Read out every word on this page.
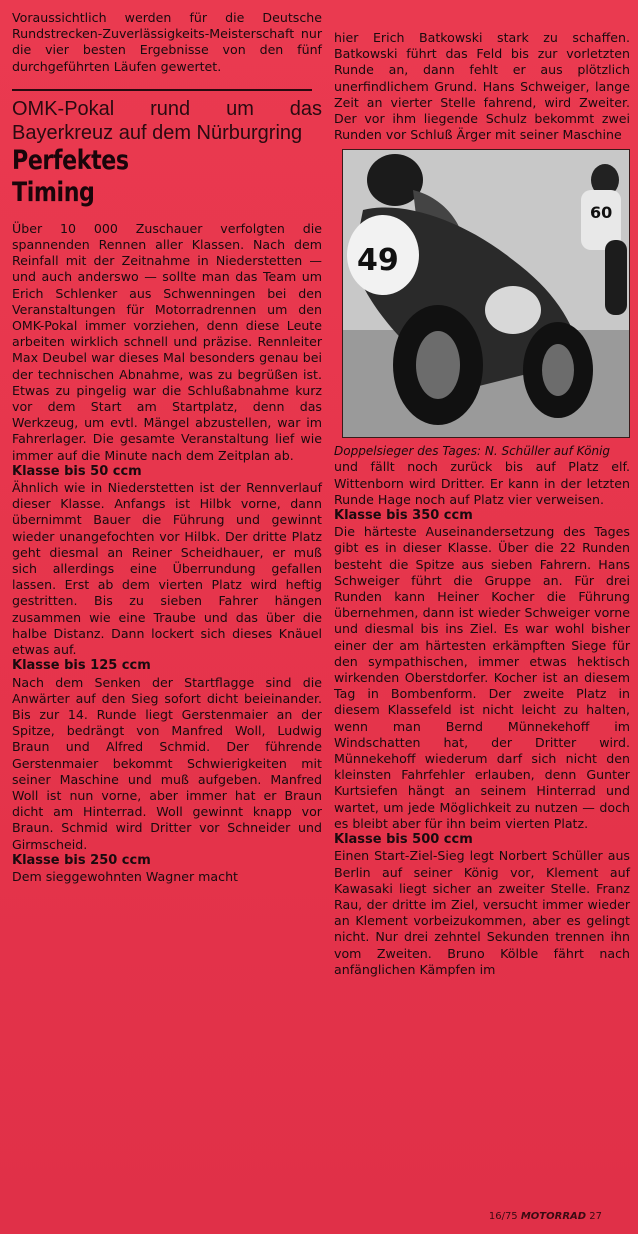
Voraussichtlich werden für die Deutsche Rundstrecken-Zuverlässigkeits-Meisterschaft nur die vier besten Ergebnisse von den fünf durchgeführten Läufen gewertet.

OMK-Pokal rund um das Bayerkreuz auf dem Nürburgring

Perfektes
Timing

Über 10 000 Zuschauer verfolgten die spannenden Rennen aller Klassen. Nach dem Reinfall mit der Zeitnahme in Niederstetten — und auch anderswo — sollte man das Team um Erich Schlenker aus Schwenningen bei den Veranstaltungen für Motorradrennen um den OMK-Pokal immer vorziehen, denn diese Leute arbeiten wirklich schnell und präzise. Rennleiter Max Deubel war dieses Mal besonders genau bei der technischen Abnahme, was zu begrüßen ist. Etwas zu pingelig war die Schlußabnahme kurz vor dem Start am Startplatz, denn das Werkzeug, um evtl. Mängel abzustellen, war im Fahrerlager. Die gesamte Veranstaltung lief wie immer auf die Minute nach dem Zeitplan ab.

Klasse bis 50 ccm

Ähnlich wie in Niederstetten ist der Rennverlauf dieser Klasse. Anfangs ist Hilbk vorne, dann übernimmt Bauer die Führung und gewinnt wieder unangefochten vor Hilbk. Der dritte Platz geht diesmal an Reiner Scheidhauer, er muß sich allerdings eine Überrundung gefallen lassen. Erst ab dem vierten Platz wird heftig gestritten. Bis zu sieben Fahrer hängen zusammen wie eine Traube und das über die halbe Distanz. Dann lockert sich dieses Knäuel etwas auf.

Klasse bis 125 ccm

Nach dem Senken der Startflagge sind die Anwärter auf den Sieg sofort dicht beieinander. Bis zur 14. Runde liegt Gerstenmaier an der Spitze, bedrängt von Manfred Woll, Ludwig Braun und Alfred Schmid. Der führende Gerstenmaier bekommt Schwierigkeiten mit seiner Maschine und muß aufgeben. Manfred Woll ist nun vorne, aber immer hat er Braun dicht am Hinterrad. Woll gewinnt knapp vor Braun. Schmid wird Dritter vor Schneider und Girmscheid.

Klasse bis 250 ccm

Dem sieggewohnten Wagner macht

hier Erich Batkowski stark zu schaffen. Batkowski führt das Feld bis zur vorletzten Runde an, dann fehlt er aus plötzlich unerfindlichem Grund. Hans Schweiger, lange Zeit an vierter Stelle fahrend, wird Zweiter. Der vor ihm liegende Schulz bekommt zwei Runden vor Schluß Ärger mit seiner Maschine

60
49

Doppelsieger des Tages: N. Schüller auf König

und fällt noch zurück bis auf Platz elf. Wittenborn wird Dritter. Er kann in der letzten Runde Hage noch auf Platz vier verweisen.

Klasse bis 350 ccm

Die härteste Auseinandersetzung des Tages gibt es in dieser Klasse. Über die 22 Runden besteht die Spitze aus sieben Fahrern. Hans Schweiger führt die Gruppe an. Für drei Runden kann Heiner Kocher die Führung übernehmen, dann ist wieder Schweiger vorne und diesmal bis ins Ziel. Es war wohl bisher einer der am härtesten erkämpften Siege für den sympathischen, immer etwas hektisch wirkenden Oberstdorfer. Kocher ist an diesem Tag in Bombenform. Der zweite Platz in diesem Klassefeld ist nicht leicht zu halten, wenn man Bernd Münnekehoff im Windschatten hat, der Dritter wird. Münnekehoff wiederum darf sich nicht den kleinsten Fahrfehler erlauben, denn Gunter Kurtsiefen hängt an seinem Hinterrad und wartet, um jede Möglichkeit zu nutzen — doch es bleibt aber für ihn beim vierten Platz.

Klasse bis 500 ccm

Einen Start-Ziel-Sieg legt Norbert Schüller aus Berlin auf seiner König vor, Klement auf Kawasaki liegt sicher an zweiter Stelle. Franz Rau, der dritte im Ziel, versucht immer wieder an Klement vorbeizukommen, aber es gelingt nicht. Nur drei zehntel Sekunden trennen ihn vom Zweiten. Bruno Kölble fährt nach anfänglichen Kämpfen im

16/75 MOTORRAD 27
